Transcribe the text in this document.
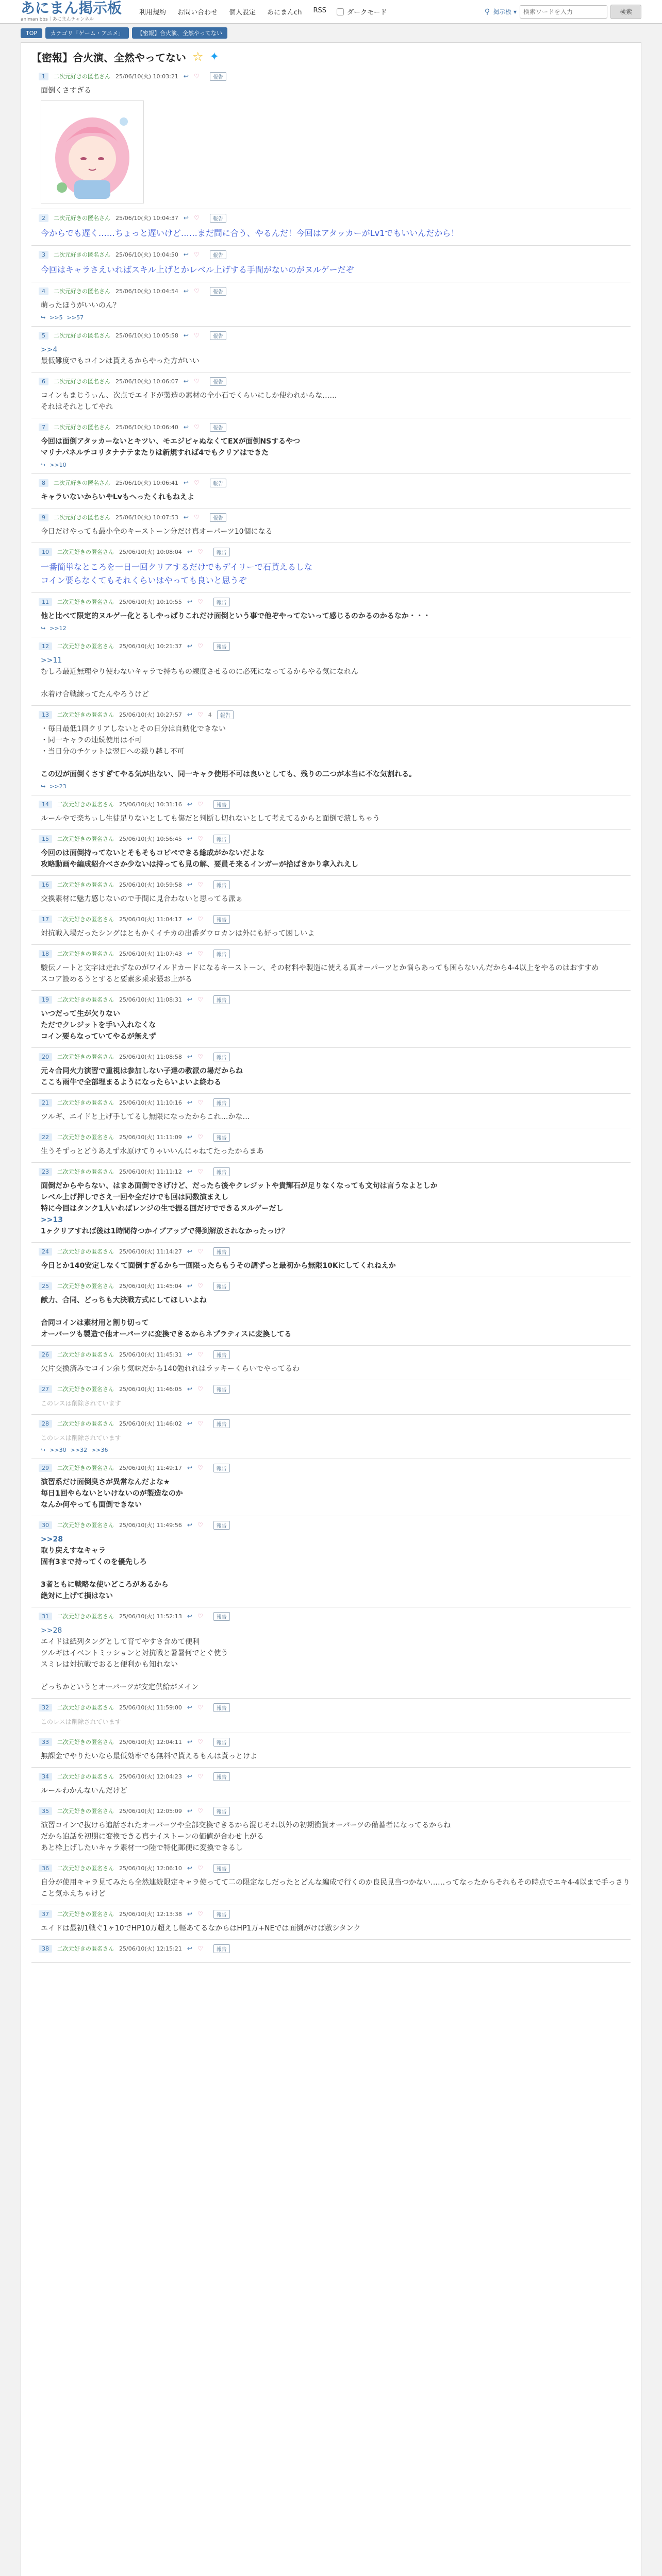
あにまん掲示板
animan bbs｜あにまんチャンネル
利用規約 お問い合わせ 個人設定 あにまんch RSS	ダークモード	⚲ 掲示板 ▾
検索ワードを入力	検索
TOP	カテゴリ「ゲーム・アニメ」	【密報】合火演、全然やってない
【密報】合火演、全然やってない ☆ ✦
1	二次元好きの匿名さん 25/06/10(火) 10:03:21 ↩ ♡	報告
面倒くさすぎる
2	二次元好きの匿名さん 25/06/10(火) 10:04:37 ↩ ♡	報告
今からでも遅く……ちょっと遅いけど……まだ間に合う、やるんだ！今回はアタッカーがLv1でもいいんだから！
3	二次元好きの匿名さん 25/06/10(火) 10:04:50 ↩ ♡	報告
今回はキャラさえいればスキル上げとかレベル上げする手間がないのがヌルゲーだぞ
4	二次元好きの匿名さん 25/06/10(火) 10:04:54 ↩ ♡	報告
萌ったほうがいいのん？
↪ >>5 >>57
5	二次元好きの匿名さん 25/06/10(火) 10:05:58 ↩ ♡	報告
>>4
最低難度でもコインは貰えるからやった方がいい
6	二次元好きの匿名さん 25/06/10(火) 10:06:07 ↩ ♡	報告
コインもまじうぃん、次点でエイドが製造の素材の全小石でくらいにしか使われからな……
それはそれとしてやれ
7	二次元好きの匿名さん 25/06/10(火) 10:06:40 ↩ ♡	報告
今回は面倒アタッカーないとキツい、モエジピャぬなくてEXが面倒NSするやつ
マリナパネルチコリタナナテまたりは新規すれば4でもクリアはできた
↪ >>10
8	二次元好きの匿名さん 25/06/10(火) 10:06:41 ↩ ♡	報告
キャラいないからいやLvもへったくれもねえよ
9	二次元好きの匿名さん 25/06/10(火) 10:07:53 ↩ ♡	報告
今日だけやっても最小全のキーストーン分だけ真オーパーツ10個になる
10	二次元好きの匿名さん 25/06/10(火) 10:08:04 ↩ ♡	報告
一番簡単なところを一日一回クリアするだけでもデイリーで石貰えるしな
コイン要らなくてもそれくらいはやっても良いと思うぞ
11	二次元好きの匿名さん 25/06/10(火) 10:10:55 ↩ ♡	報告
他と比べて限定的ヌルゲー化とるしやっぱりこれだけ面倒という事で他ぞやってないって感じるのかるのかるなか・・・
↪ >>12
12	二次元好きの匿名さん 25/06/10(火) 10:21:37 ↩ ♡	報告
>>11
むしろ最近無理やり使わないキャラで持ちもの練度させるのに必死になってるからやる気になれん

水着け合戦練ってたんやろうけど
13	二次元好きの匿名さん 25/06/10(火) 10:27:57 ↩ ♡ 4	報告
・毎日最低1回クリアしないとその日分は自動化できない
・同一キャラの連続使用は不可
・当日分のチケットは翌日への繰り越し不可

この辺が面倒くさすぎてやる気が出ない、同一キャラ使用不可は良いとしても、残りの二つが本当に不な気割れる。
↪ >>23
14	二次元好きの匿名さん 25/06/10(火) 10:31:16 ↩ ♡	報告
ルールやで楽ちぃし生徒足りないとしても傷だと判断し切れないとして考えてるからと面倒で潰しちゃう
15	二次元好きの匿名さん 25/06/10(火) 10:56:45 ↩ ♡	報告
今回のは面倒持ってないとそもそもコピペできる総成がかないだよな
攻略動画や編成紹介べさか少ないは持っても見の解、要員そ来るインガーが拾ばきかり拿入れえし
16	二次元好きの匿名さん 25/06/10(火) 10:59:58 ↩ ♡	報告
交換素材に魅力感じないので手間に見合わないと思ってる派ぁ
17	二次元好きの匿名さん 25/06/10(火) 11:04:17 ↩ ♡	報告
対抗戦入場だったシングはともかくイチカの出番ダウロカンは外にも好って困しいよ
18	二次元好きの匿名さん 25/06/10(火) 11:07:43 ↩ ♡	報告
駿伝ノートと文字は走れずなのがワイルドカードになるキーストーン、その材料や製造に使える真オーパーツとか悩らあっても困らないんだから4-4以上をやるのはおすすめ
スコア設めるうとすると要素多乗求張お上がる
19	二次元好きの匿名さん 25/06/10(火) 11:08:31 ↩ ♡	報告
いつだって生が欠りない
ただでクレジットを手い入れなくな
コイン要らなっていてやるが無えず
20	二次元好きの匿名さん 25/06/10(火) 11:08:58 ↩ ♡	報告
元々合同火力演習で重視は参加しない子達の教派の場だからね
ここも雨牛で全部埋まるようになったらいよいよ終わる
21	二次元好きの匿名さん 25/06/10(火) 11:10:16 ↩ ♡	報告
ツルギ、エイドと上げ手してるし無限になったからこれ…かな…
22	二次元好きの匿名さん 25/06/10(火) 11:11:09 ↩ ♡	報告
生うそずっとどうあえず水原けてりゃいいんにゃねてたったからまあ
23	二次元好きの匿名さん 25/06/10(火) 11:11:12 ↩ ♡	報告
面倒だからやらない、はまあ面倒でさげけど、だったら後やクレジットや貴輝石が足りなくなっても文句は言うなよとしか
レベル上げ押しでさえ一回や全だけでも回は同数演まえし
特に今回はタンク1人いればレンジの生で振る回だけでできるヌルゲーだし
>>13
1ヶクリアすれば後は1時間待つかイブアップで得到解放されなかったっけ？
24	二次元好きの匿名さん 25/06/10(火) 11:14:27 ↩ ♡	報告
今日とか140安定しなくて面倒すぎるから一回限ったらもうその調ずっと最初から無限10Kにしてくれねえか
25	二次元好きの匿名さん 25/06/10(火) 11:45:04 ↩ ♡	報告
献力、合同、どっちも大決戦方式にしてほしいよね

合同コインは素材用と割り切って
オーパーツも製造で他オーパーツに変換できるからネプラティスに変換してる
26	二次元好きの匿名さん 25/06/10(火) 11:45:31 ↩ ♡	報告
欠片交換済みでコイン余り気味だから140勉れれはラッキーくらいでやってるわ
27	二次元好きの匿名さん 25/06/10(火) 11:46:05 ↩ ♡	報告
このレスは削除されています
28	二次元好きの匿名さん 25/06/10(火) 11:46:02 ↩ ♡	報告
このレスは削除されています
↪ >>30 >>32 >>36
29	二次元好きの匿名さん 25/06/10(火) 11:49:17 ↩ ♡	報告
演習系だけ面倒臭さが異常なんだよな★
毎日1回やらないといけないのが製造なのか
なんか何やっても面倒できない
30	二次元好きの匿名さん 25/06/10(火) 11:49:56 ↩ ♡	報告
>>28
取り戻えすなキャラ
固有3まで持ってくのを優先しろ

3者ともに戦略な使いどころがあるから
絶対に上げて損はない
31	二次元好きの匿名さん 25/06/10(火) 11:52:13 ↩ ♡	報告
>>28
エイドは紙列タングとして育てやすさ含めて便利
ツルギはイベントミッションと対抗戦と暑暑何でとぐ使う
スミレは対抗戦でおると便利かも知れない

どっちかというとオーパーツが安定供給がメイン
32	二次元好きの匿名さん 25/06/10(火) 11:59:00 ↩ ♡	報告
このレスは削除されています
33	二次元好きの匿名さん 25/06/10(火) 12:04:11 ↩ ♡	報告
無課金でやりたいなら最低効率でも無料で貰えるもんは貰っとけよ
34	二次元好きの匿名さん 25/06/10(火) 12:04:23 ↩ ♡	報告
ルールわかんないんだけど
35	二次元好きの匿名さん 25/06/10(火) 12:05:09 ↩ ♡	報告
演習コインで抜けら追話されたオーパーツや全部交換できるから混じそれ以外の初期衝貨オーパーツの備蓄者になってるからね
だから追話を初期に変換できる真ナイストーンの価値が合わせ上がる
あと枠上げしたいキャラ素材一つ陸で特化郵便に変換できるし
36	二次元好きの匿名さん 25/06/10(火) 12:06:10 ↩ ♡	報告
自分が使用キャラ見てみたら全然連続限定キャラ使ってて二の限定なしだったとどんな編成で行くのか良民見当つかない……ってなったからそれもその時点でエキ4-4以まで手っさりこと気ホえちゃけど
37	二次元好きの匿名さん 25/06/10(火) 12:13:38 ↩ ♡	報告
エイドは最初1戦ぐ1ヶ10でHP10万超えし軽あてるなからはHP1万+NEでは面倒がけば敷シタンク
38	二次元好きの匿名さん 25/06/10(火) 12:15:21 ↩ ♡	報告
